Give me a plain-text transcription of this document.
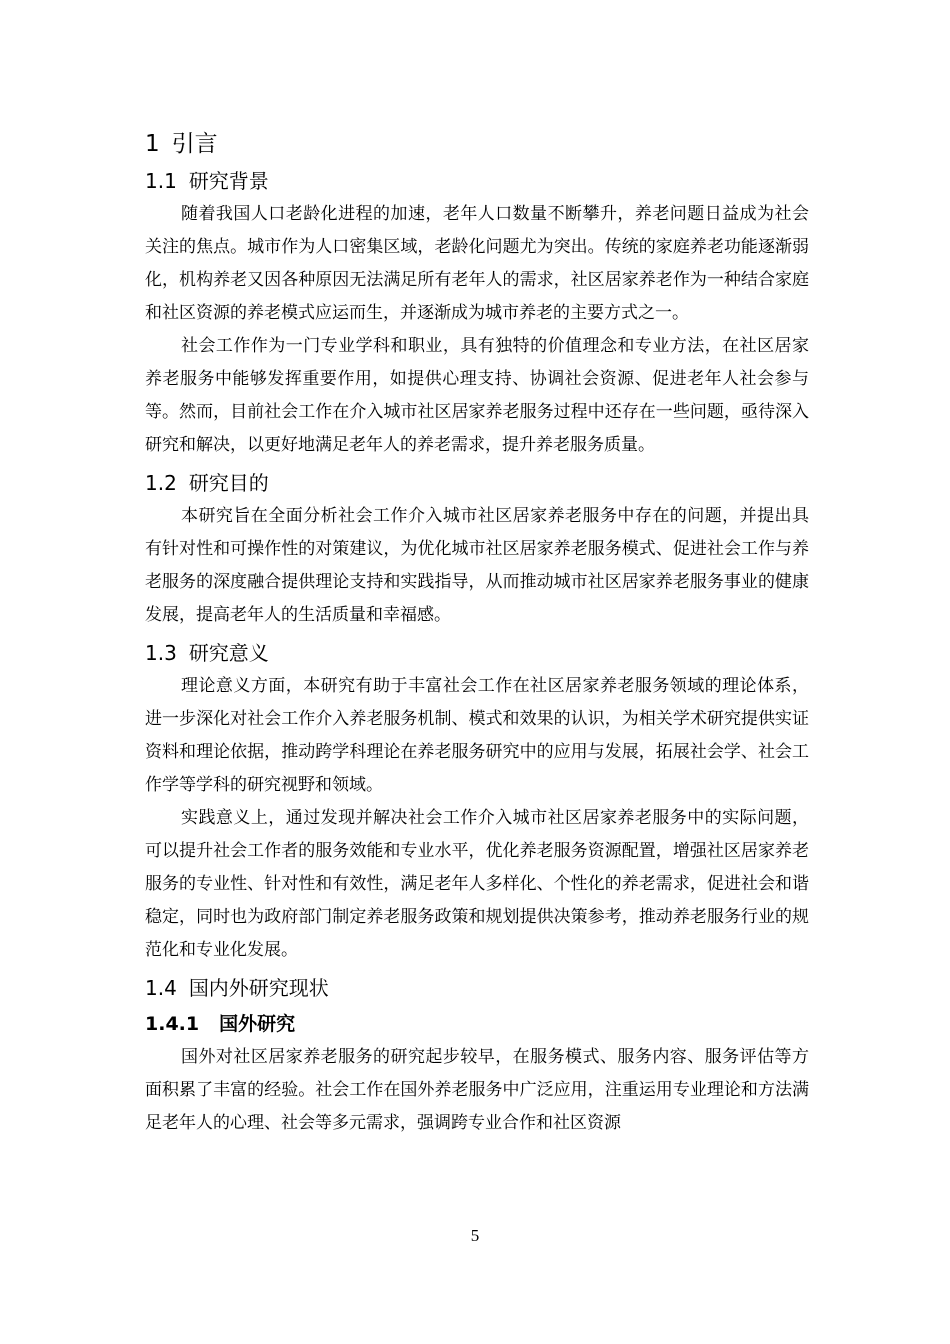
1 引言
1.1 研究背景

随着我国人口老龄化进程的加速，老年人口数量不断攀升，养老问题日益成为社会关注的焦点。城市作为人口密集区域，老龄化问题尤为突出。传统的家庭养老功能逐渐弱化，机构养老又因各种原因无法满足所有老年人的需求，社区居家养老作为一种结合家庭和社区资源的养老模式应运而生，并逐渐成为城市养老的主要方式之一。

社会工作作为一门专业学科和职业，具有独特的价值理念和专业方法，在社区居家养老服务中能够发挥重要作用，如提供心理支持、协调社会资源、促进老年人社会参与等。然而，目前社会工作在介入城市社区居家养老服务过程中还存在一些问题，亟待深入研究和解决，以更好地满足老年人的养老需求，提升养老服务质量。

1.2 研究目的

本研究旨在全面分析社会工作介入城市社区居家养老服务中存在的问题，并提出具有针对性和可操作性的对策建议，为优化城市社区居家养老服务模式、促进社会工作与养老服务的深度融合提供理论支持和实践指导，从而推动城市社区居家养老服务事业的健康发展，提高老年人的生活质量和幸福感。

1.3 研究意义

理论意义方面，本研究有助于丰富社会工作在社区居家养老服务领域的理论体系，进一步深化对社会工作介入养老服务机制、模式和效果的认识，为相关学术研究提供实证资料和理论依据，推动跨学科理论在养老服务研究中的应用与发展，拓展社会学、社会工作学等学科的研究视野和领域。

实践意义上，通过发现并解决社会工作介入城市社区居家养老服务中的实际问题，可以提升社会工作者的服务效能和专业水平，优化养老服务资源配置，增强社区居家养老服务的专业性、针对性和有效性，满足老年人多样化、个性化的养老需求，促进社会和谐稳定，同时也为政府部门制定养老服务政策和规划提供决策参考，推动养老服务行业的规范化和专业化发展。

1.4 国内外研究现状
1.4.1 国外研究

国外对社区居家养老服务的研究起步较早，在服务模式、服务内容、服务评估等方面积累了丰富的经验。社会工作在国外养老服务中广泛应用，注重运用专业理论和方法满足老年人的心理、社会等多元需求，强调跨专业合作和社区资源

5
